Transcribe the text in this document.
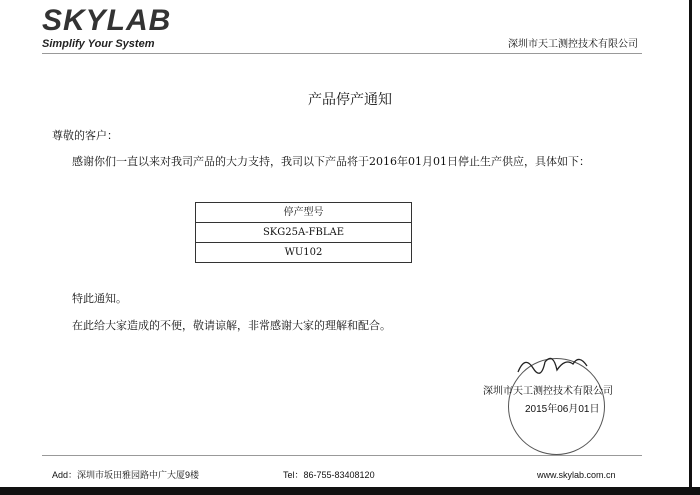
SKYLAB
Simplify Your System	深圳市天工测控技术有限公司
产品停产通知
尊敬的客户：
感谢你们一直以来对我司产品的大力支持，我司以下产品将于2016年01月01日停止生产供应，具体如下：
停产型号
SKG25A-FBLAE
WU102
特此通知。
在此给大家造成的不便，敬请谅解，非常感谢大家的理解和配合。
深圳市天工测控技术有限公司
2015年06月01日
Add：深圳市坂田雅园路中广大厦9楼	Tel：86-755-83408120	www.skylab.com.cn
